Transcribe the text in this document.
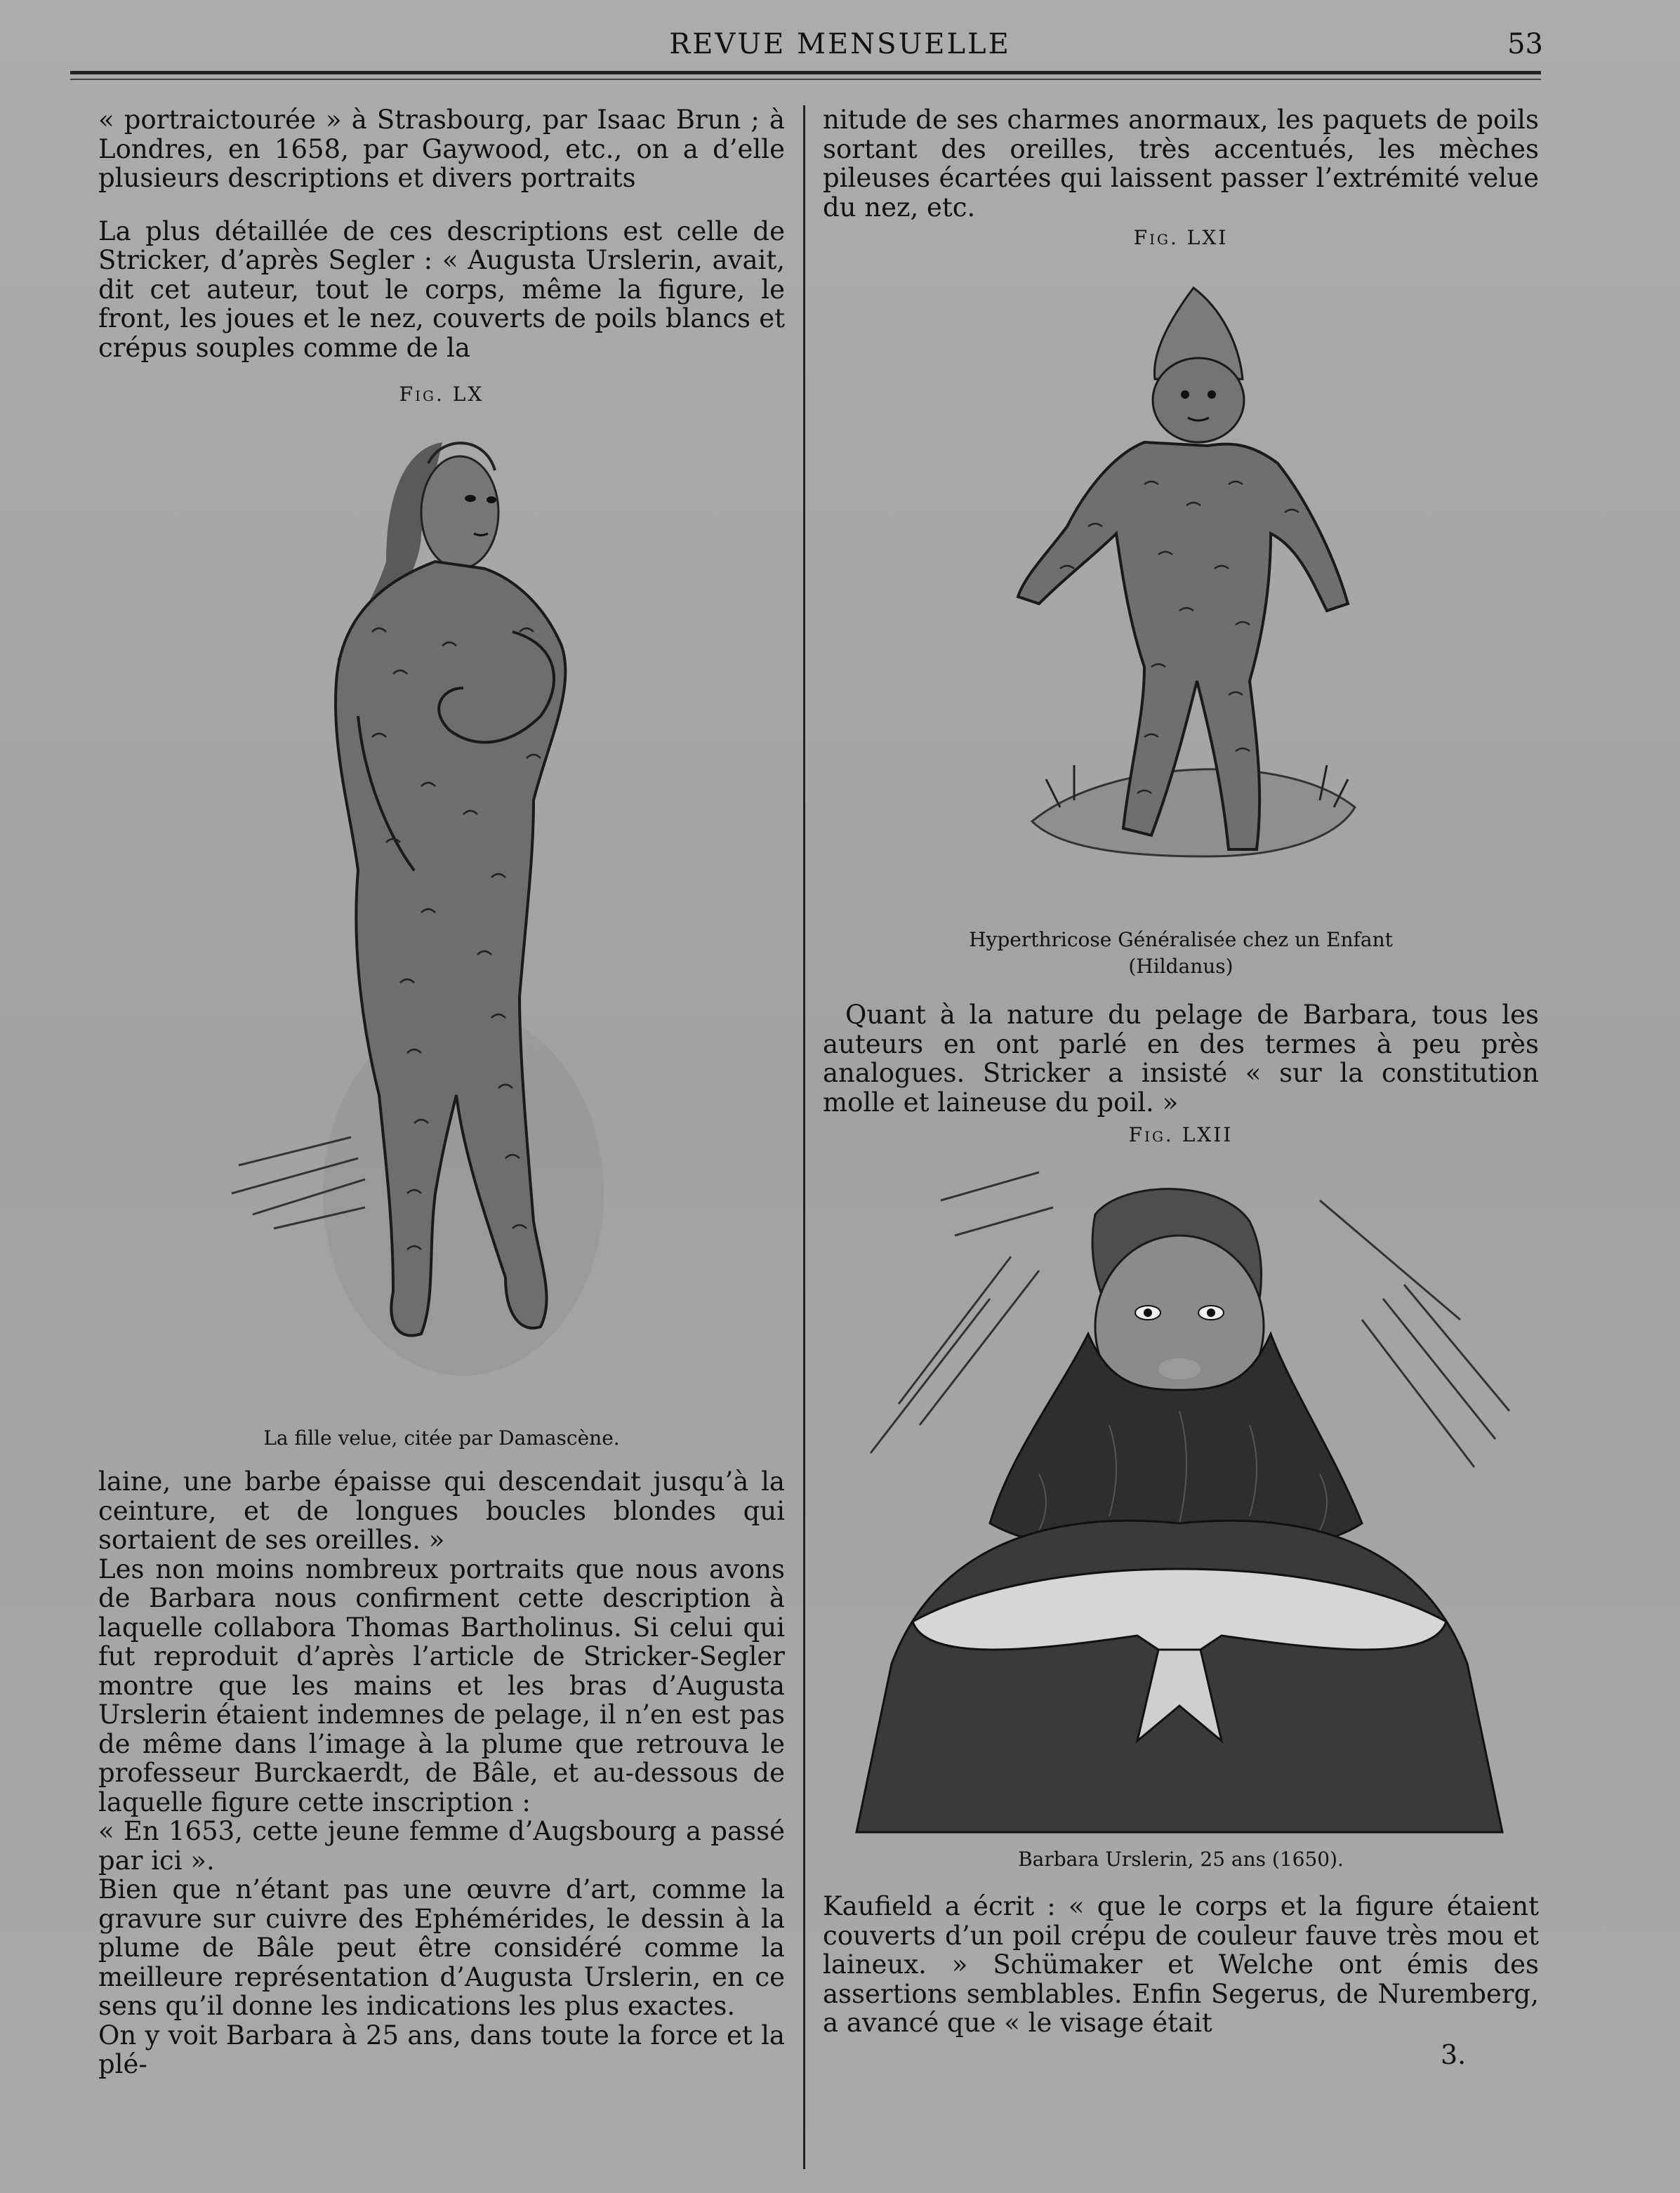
REVUE MENSUELLE	53

« portraictourée » à Strasbourg, par Isaac Brun ; à Londres, en 1658, par Gaywood, etc., on a d’elle plusieurs descriptions et divers portraits

La plus détaillée de ces descriptions est celle de Stricker, d’après Segler : « Augusta Urslerin, avait, dit cet auteur, tout le corps, même la figure, le front, les joues et le nez, couverts de poils blancs et crépus souples comme de la

Fig. LX
La fille velue, citée par Damascène.

laine, une barbe épaisse qui descendait jusqu’à la ceinture, et de longues boucles blondes qui sortaient de ses oreilles. »

Les non moins nombreux portraits que nous avons de Barbara nous confirment cette description à laquelle collabora Thomas Bartholinus. Si celui qui fut reproduit d’après l’article de Stricker-Segler montre que les mains et les bras d’Augusta Urslerin étaient indemnes de pelage, il n’en est pas de même dans l’image à la plume que retrouva le professeur Burckaerdt, de Bâle, et au-dessous de laquelle figure cette inscription :

« En 1653, cette jeune femme d’Augsbourg a passé par ici ».

Bien que n’étant pas une œuvre d’art, comme la gravure sur cuivre des Ephémérides, le dessin à la plume de Bâle peut être considéré comme la meilleure représentation d’Augusta Urslerin, en ce sens qu’il donne les indications les plus exactes.

On y voit Barbara à 25 ans, dans toute la force et la plé-

nitude de ses charmes anormaux, les paquets de poils sortant des oreilles, très accentués, les mèches pileuses écartées qui laissent passer l’extrémité velue du nez, etc.

Fig. LXI
Hyperthricose Généralisée chez un Enfant
(Hildanus)

Quant à la nature du pelage de Barbara, tous les auteurs en ont parlé en des termes à peu près analogues. Stricker a insisté « sur la constitution molle et laineuse du poil. »

Fig. LXII
Barbara Urslerin, 25 ans (1650).

Kaufield a écrit : « que le corps et la figure étaient couverts d’un poil crépu de couleur fauve très mou et laineux. » Schümaker et Welche ont émis des assertions semblables. Enfin Segerus, de Nuremberg, a avancé que « le visage était

3.
